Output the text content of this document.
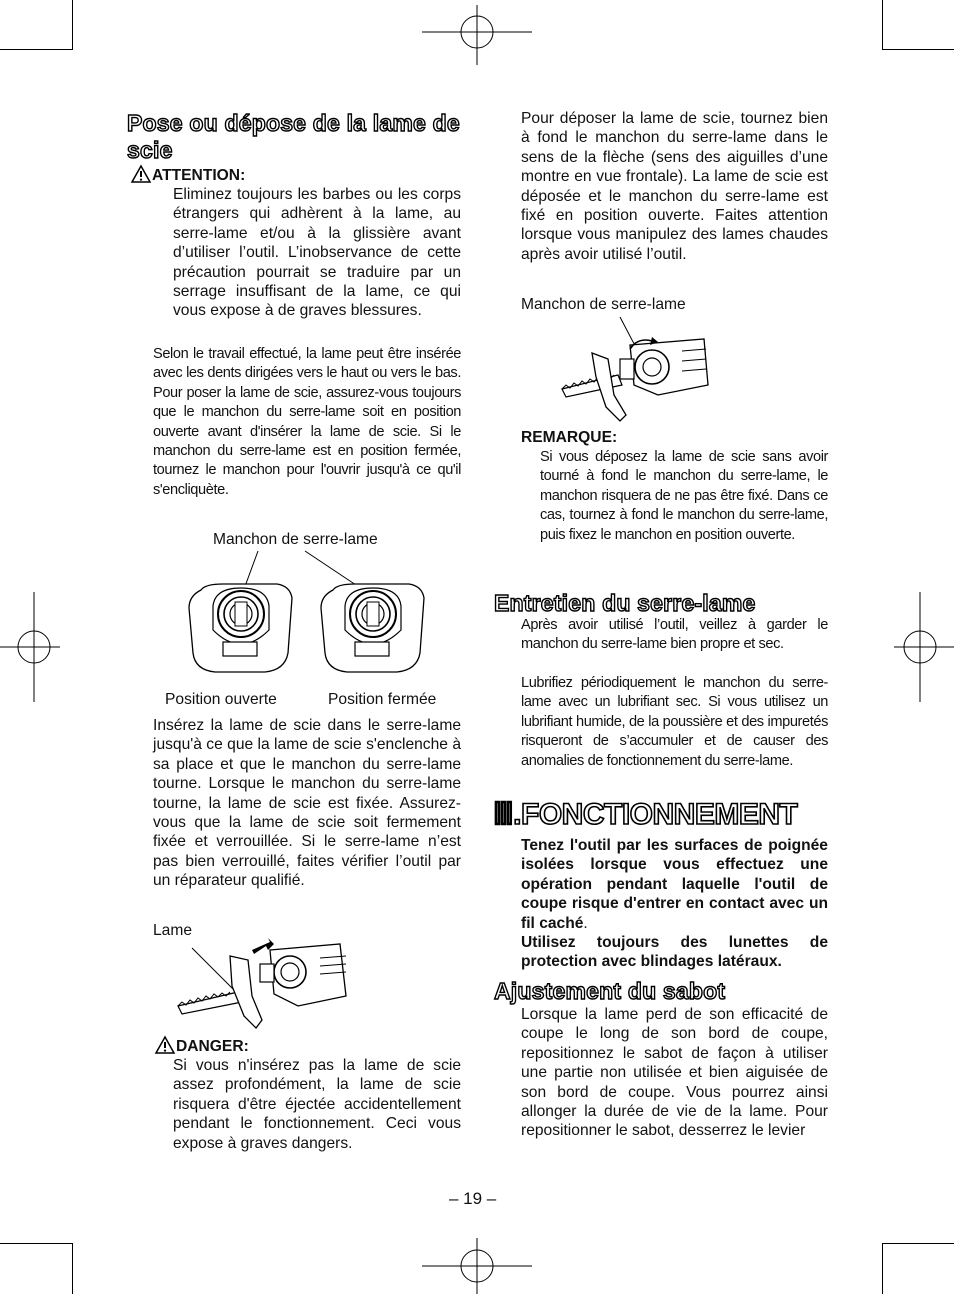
Pose ou dépose de la lame de scie
ATTENTION:
Eliminez toujours les barbes ou les corps étrangers qui adhèrent à la lame, au serre-lame et/ou à la glissière avant d’utiliser l’outil. L’inobservance de cette précaution pourrait se traduire par un serrage insuffisant de la lame, ce qui vous expose à de graves blessures.
Selon le travail effectué, la lame peut être insérée avec les dents dirigées vers le haut ou vers le bas. Pour poser la lame de scie, assurez-vous toujours que le manchon du serre-lame soit en position ouverte avant d'insérer la lame de scie. Si le manchon du serre-lame est en position fermée, tournez le manchon pour l'ouvrir jusqu'à ce qu'il s'encliquète.
Manchon de serre-lame
Position ouverte	Position fermée
Insérez la lame de scie dans le serre-lame jusqu'à ce que la lame de scie s'enclenche à sa place et que le manchon du serre-lame tourne. Lorsque le manchon du serre-lame tourne, la lame de scie est fixée. Assurez-vous que la lame de scie soit fermement fixée et verrouillée. Si le serre-lame n’est pas bien verrouillé, faites vérifier l’outil par un réparateur qualifié.
Lame
DANGER:
Si vous n'insérez pas la lame de scie assez profondément, la lame de scie risquera d'être éjectée accidentellement pendant le fonctionnement. Ceci vous expose à graves dangers.
Pour déposer la lame de scie, tournez bien à fond le manchon du serre-lame dans le sens de la flèche (sens des aiguilles d’une montre en vue frontale). La lame de scie est déposée et le manchon du serre-lame est fixé en position ouverte. Faites attention lorsque vous manipulez des lames chaudes après avoir utilisé l’outil.
Manchon de serre-lame
REMARQUE:
Si vous déposez la lame de scie sans avoir tourné à fond le manchon du serre-lame, le manchon risquera de ne pas être fixé. Dans ce cas, tournez à fond le manchon du serre-lame, puis fixez le manchon en position ouverte.
Entretien du serre-lame
Après avoir utilisé l’outil, veillez à garder le manchon du serre-lame bien propre et sec.
Lubrifiez périodiquement le manchon du serre-lame avec un lubrifiant sec. Si vous utilisez un lubrifiant humide, de la poussière et des impuretés risqueront de s’accumuler et de causer des anomalies de fonctionnement du serre-lame.
Ⅲ.FONCTIONNEMENT
Tenez l'outil par les surfaces de poignée isolées lorsque vous effectuez une opération pendant laquelle l'outil de coupe risque d'entrer en contact avec un fil caché.
Utilisez toujours des lunettes de protection avec blindages latéraux.
Ajustement du sabot
Lorsque la lame perd de son efficacité de coupe le long de son bord de coupe, repositionnez le sabot de façon à utiliser une partie non utilisée et bien aiguisée de son bord de coupe. Vous pourrez ainsi allonger la durée de vie de la lame. Pour repositionner le sabot, desserrez le levier
– 19 –
